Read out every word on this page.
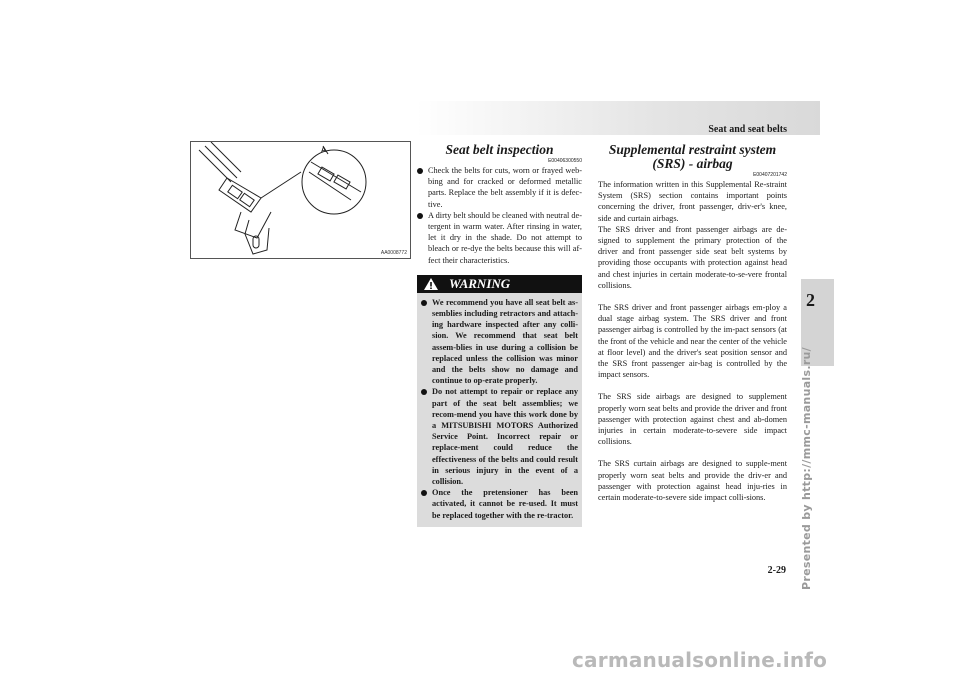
Seat and seat belts
2
A
AA0008772
Seat belt inspection
E00406300550
Check the belts for cuts, worn or frayed web-bing and for cracked or deformed metallic parts. Replace the belt assembly if it is defec-tive.
A dirty belt should be cleaned with neutral de-tergent in warm water. After rinsing in water, let it dry in the shade. Do not attempt to bleach or re-dye the belts because this will af-fect their characteristics.
WARNING
We recommend you have all seat belt as-semblies including retractors and attach-ing hardware inspected after any colli-sion. We recommend that seat belt assem-blies in use during a collision be replaced unless the collision was minor and the belts show no damage and continue to op-erate properly.
Do not attempt to repair or replace any part of the seat belt assemblies; we recom-mend you have this work done by a MITSUBISHI MOTORS Authorized Service Point. Incorrect repair or replace-ment could reduce the effectiveness of the belts and could result in serious injury in the event of a collision.
Once the pretensioner has been activated, it cannot be re-used. It must be replaced together with the re-tractor.
Supplemental restraint system
(SRS) - airbag
E00407201742

The information written in this Supplemental Re-straint System (SRS) section contains important points concerning the driver, front passenger, driv-er's knee, side and curtain airbags.

The SRS driver and front passenger airbags are de-signed to supplement the primary protection of the driver and front passenger side seat belt systems by providing those occupants with protection against head and chest injuries in certain moderate-to-se-vere frontal collisions.

The SRS driver and front passenger airbags em-ploy a dual stage airbag system. The SRS driver and front passenger airbag is controlled by the im-pact sensors (at the front of the vehicle and near the center of the vehicle at floor level) and the driver's seat position sensor and the SRS front passenger air-bag is controlled by the impact sensors.

The SRS side airbags are designed to supplement properly worn seat belts and provide the driver and front passenger with protection against chest and ab-domen injuries in certain moderate-to-severe side impact collisions.

The SRS curtain airbags are designed to supple-ment properly worn seat belts and provide the driv-er and passenger with protection against head inju-ries in certain moderate-to-severe side impact colli-sions.

2-29 Presented by http://mmc-manuals.ru/
carmanualsonline.info
